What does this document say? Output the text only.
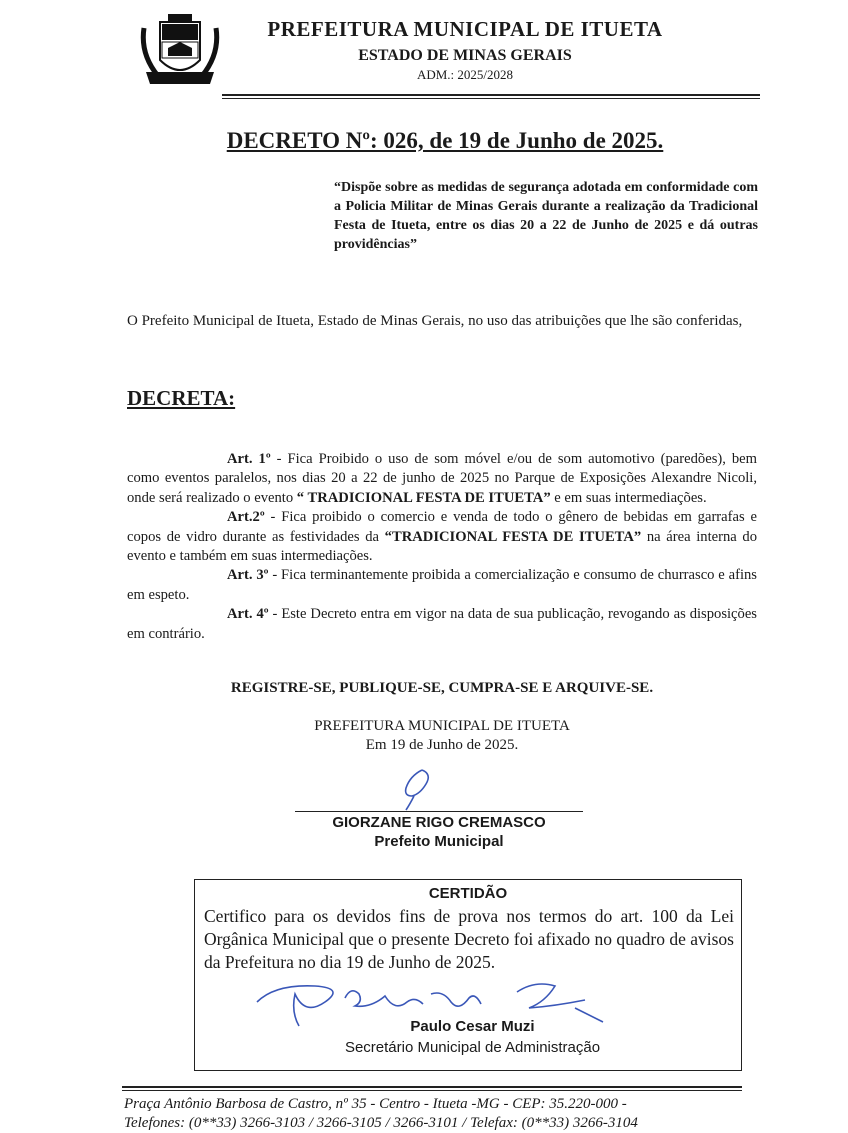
PREFEITURA MUNICIPAL DE ITUETA
ESTADO DE MINAS GERAIS
ADM.: 2025/2028
DECRETO Nº: 026, de 19 de Junho de 2025.
“Dispõe sobre as medidas de segurança adotada em conformidade com a Policia Militar de Minas Gerais durante a realização da Tradicional Festa de Itueta, entre os dias 20 a 22 de Junho de 2025 e dá outras providências”
O Prefeito Municipal de Itueta, Estado de Minas Gerais, no uso das atribuições que lhe são conferidas,
DECRETA:

Art. 1º - Fica Proibido o uso de som móvel e/ou de som automotivo (paredões), bem como eventos paralelos, nos dias 20 a 22 de junho de 2025 no Parque de Exposições Alexandre Nicoli, onde será realizado o evento “ TRADICIONAL FESTA DE ITUETA” e em suas intermediações.

Art.2º - Fica proibido o comercio e venda de todo o gênero de bebidas em garrafas e copos de vidro durante as festividades da “TRADICIONAL FESTA DE ITUETA” na área interna do evento e também em suas intermediações.

Art. 3º - Fica terminantemente proibida a comercialização e consumo de churrasco e afins em espeto.

Art. 4º - Este Decreto entra em vigor na data de sua publicação, revogando as disposições em contrário.

REGISTRE-SE, PUBLIQUE-SE, CUMPRA-SE E ARQUIVE-SE.
PREFEITURA MUNICIPAL DE ITUETA
Em 19 de Junho de 2025.
GIORZANE RIGO CREMASCO
Prefeito Municipal
CERTIDÃO
Certifico para os devidos fins de prova nos termos do art. 100 da Lei Orgânica Municipal que o presente Decreto foi afixado no quadro de avisos da Prefeitura no dia 19 de Junho de 2025.
Paulo Cesar Muzi
Secretário Municipal de Administração
Praça Antônio Barbosa de Castro, nº 35 - Centro - Itueta -MG - CEP: 35.220-000 -
Telefones: (0**33) 3266-3103 / 3266-3105 / 3266-3101 / Telefax: (0**33) 3266-3104
